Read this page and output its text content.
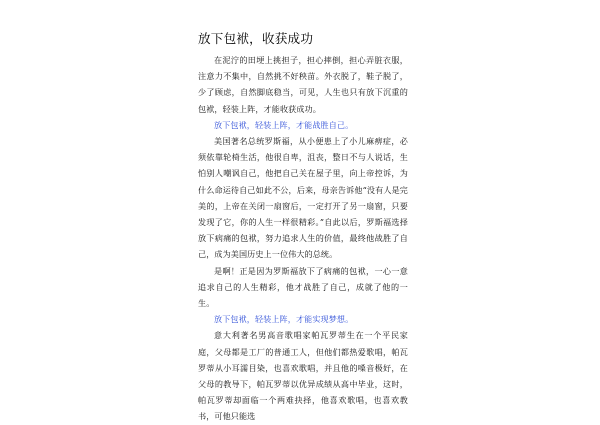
放下包袱，收获成功

在泥泞的田埂上挑担子，担心摔倒，担心弄脏衣服，注意力不集中，自然挑不好秧苗。外衣脱了，鞋子脱了，少了顾虑，自然脚底稳当，可见，人生也只有放下沉重的包袱，轻装上阵，才能收获成功。

放下包袱，轻装上阵，才能战胜自己。

美国著名总统罗斯福，从小便患上了小儿麻痹症，必须依靠轮椅生活，他很自卑，沮丧，整日不与人说话，生怕别人嘲讽自己，他把自己关在屋子里，向上帝控诉，为什么命运待自己如此不公，后来，母亲告诉他“没有人是完美的，上帝在关闭一扇窗后，一定打开了另一扇窗，只要发现了它，你的人生一样很精彩。”自此以后，罗斯福选择放下病痛的包袱，努力追求人生的价值，最终他战胜了自己，成为美国历史上一位伟大的总统。

是啊！正是因为罗斯福放下了病痛的包袱，一心一意追求自己的人生精彩，他才战胜了自己，成就了他的一生。

放下包袱，轻装上阵，才能实现梦想。

意大利著名男高音歌唱家帕瓦罗蒂生在一个平民家庭，父母都是工厂的普通工人，但他们都热爱歌唱，帕瓦罗蒂从小耳濡目染，也喜欢歌唱，并且他的嗓音极好，在父母的教导下，帕瓦罗蒂以优异成绩从高中毕业，这时，帕瓦罗蒂却面临一个两难抉择，他喜欢歌唱，也喜欢教书，可他只能选
